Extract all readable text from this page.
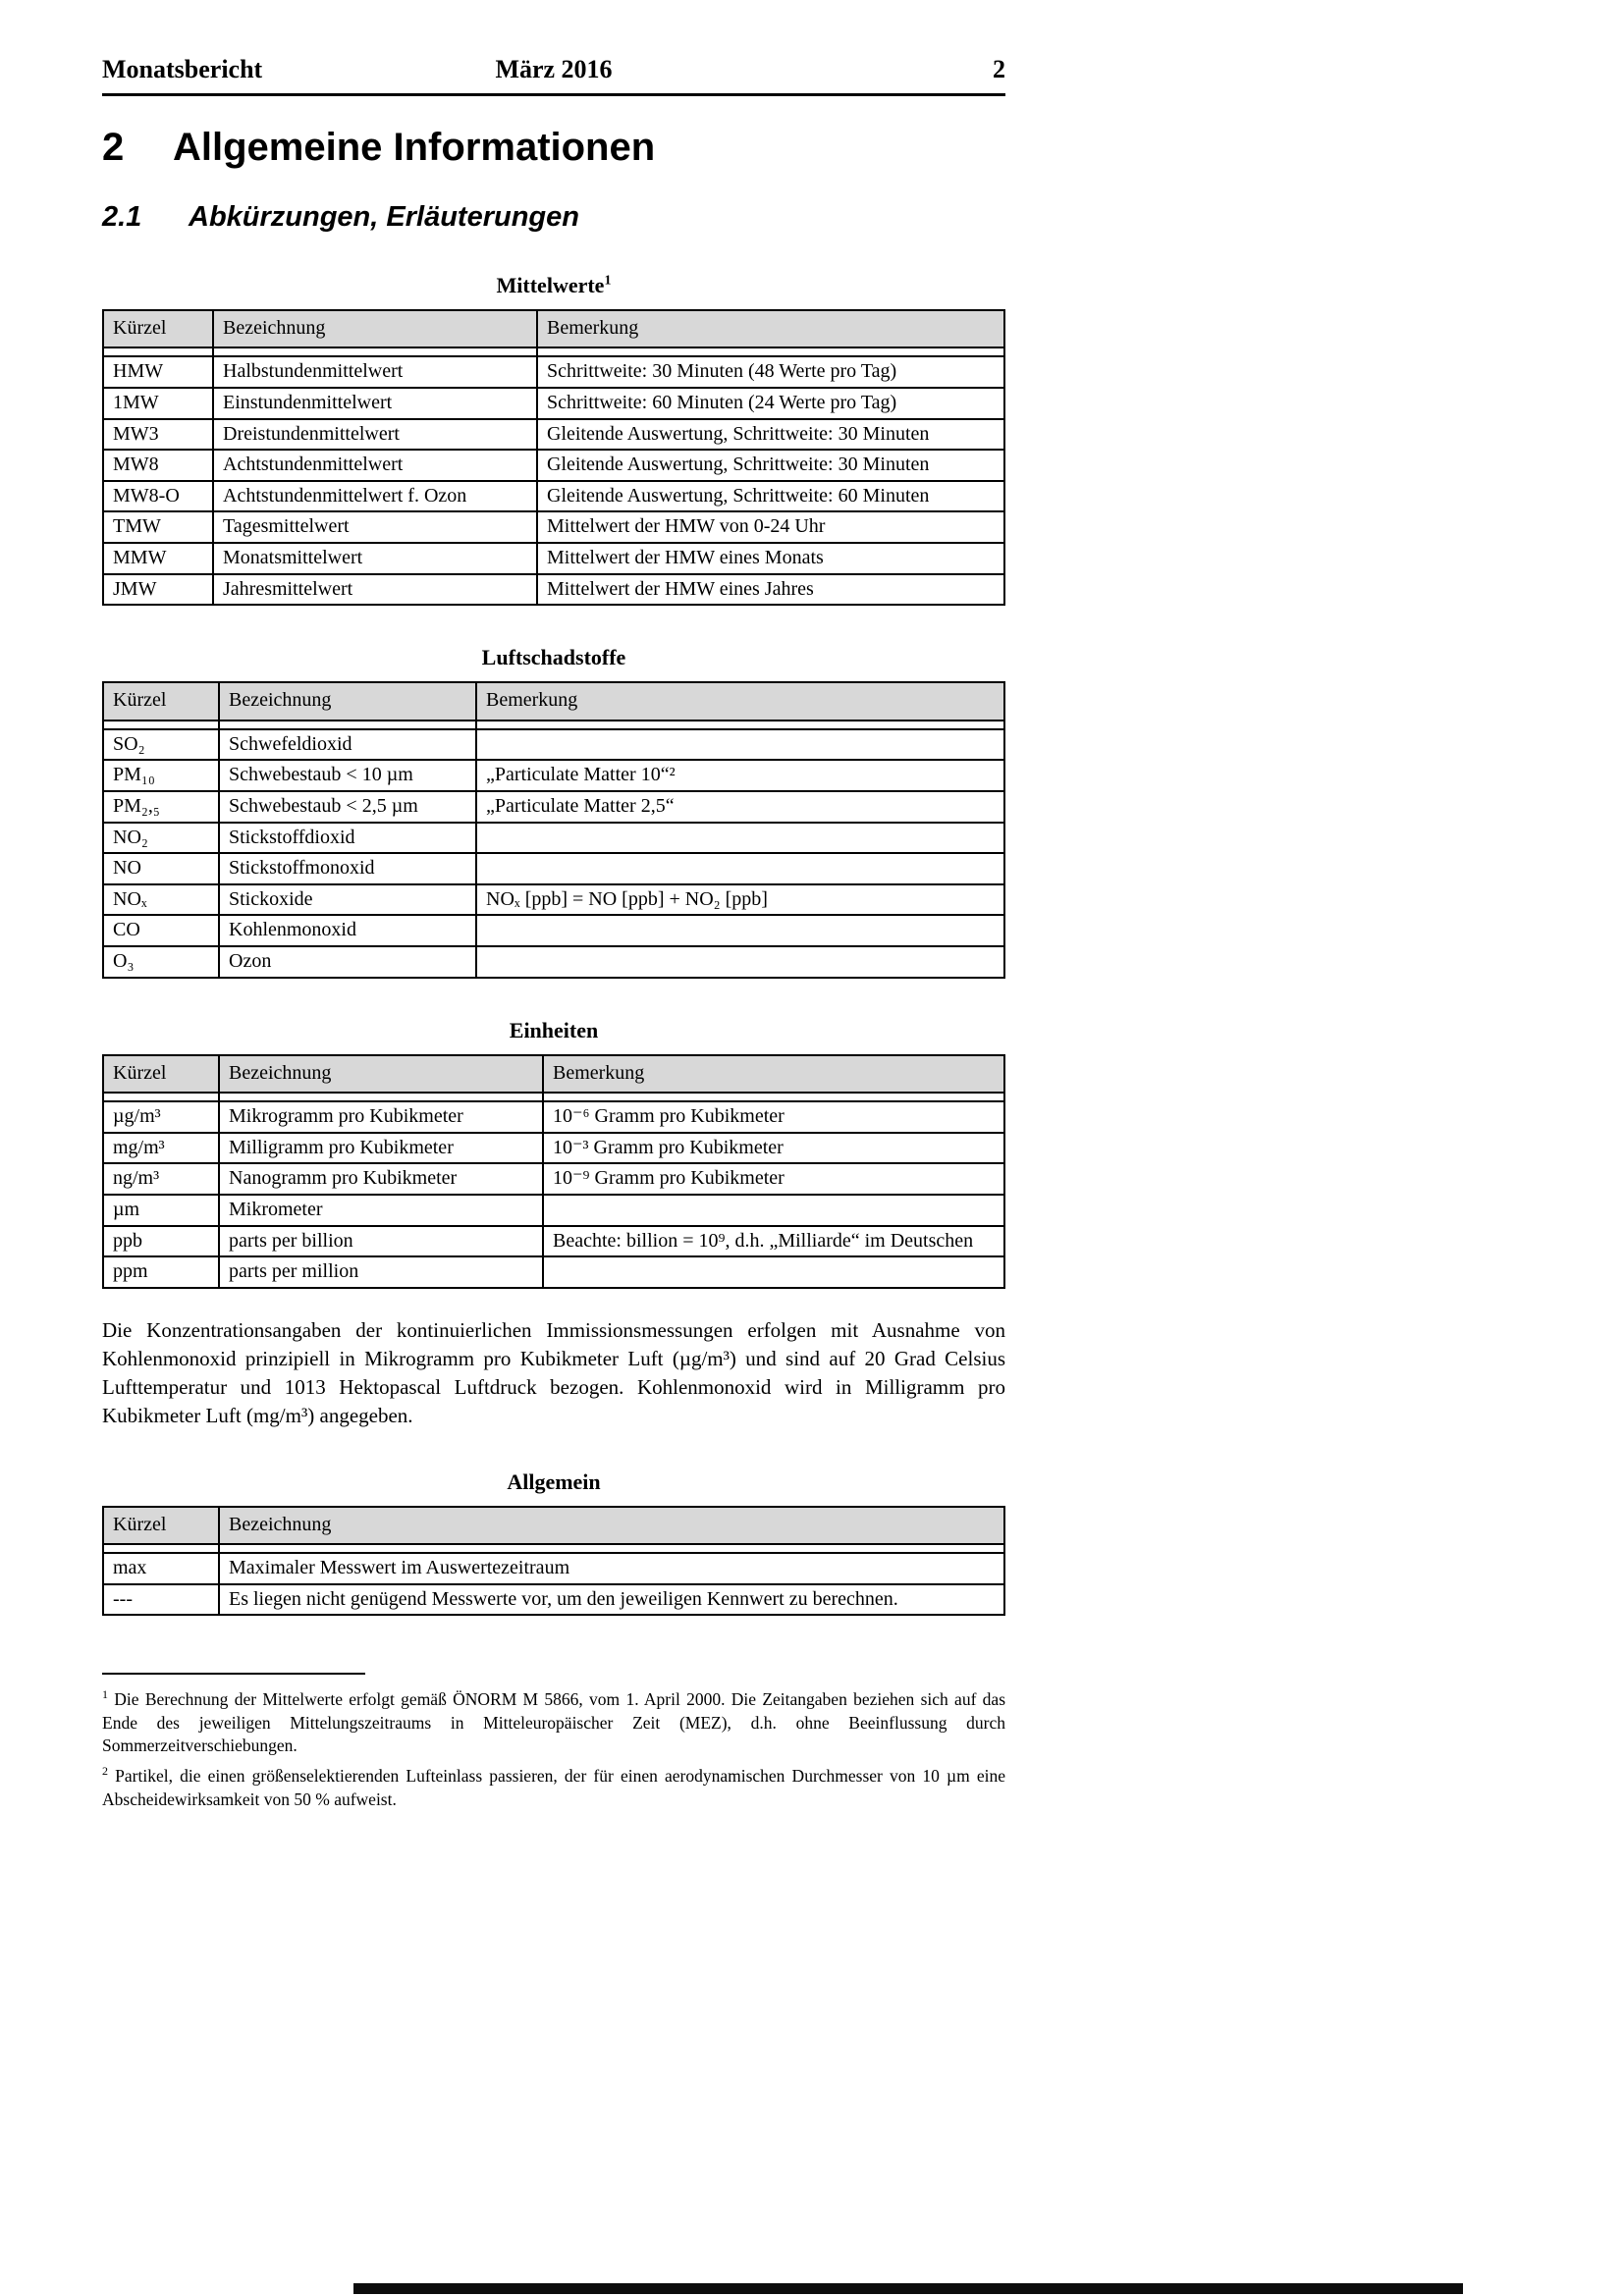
Monatsbericht	März 2016	2
2	Allgemeine Informationen
2.1	Abkürzungen, Erläuterungen
Mittelwerte$^1$
Kürzel	Bezeichnung	Bemerkung

HMW	Halbstundenmittelwert	Schrittweite: 30 Minuten (48 Werte pro Tag)
1MW	Einstundenmittelwert	Schrittweite: 60 Minuten (24 Werte pro Tag)
MW3	Dreistundenmittelwert	Gleitende Auswertung, Schrittweite: 30 Minuten
MW8	Achtstundenmittelwert	Gleitende Auswertung, Schrittweite: 30 Minuten
MW8-O	Achtstundenmittelwert f. Ozon	Gleitende Auswertung, Schrittweite: 60 Minuten
TMW	Tagesmittelwert	Mittelwert der HMW von 0-24 Uhr
MMW	Monatsmittelwert	Mittelwert der HMW eines Monats
JMW	Jahresmittelwert	Mittelwert der HMW eines Jahres
Luftschadstoffe
Kürzel	Bezeichnung	Bemerkung

SO₂	Schwefeldioxid	
PM₁₀	Schwebestaub < 10 µm	„Particulate Matter 10“²
PM₂,₅	Schwebestaub < 2,5 µm	„Particulate Matter 2,5“
NO₂	Stickstoffdioxid	
NO	Stickstoffmonoxid	
NOₓ	Stickoxide	NOₓ [ppb] = NO [ppb] + NO₂ [ppb]
CO	Kohlenmonoxid	
O₃	Ozon	
Einheiten
Kürzel	Bezeichnung	Bemerkung

µg/m³	Mikrogramm pro Kubikmeter	10⁻⁶ Gramm pro Kubikmeter
mg/m³	Milligramm pro Kubikmeter	10⁻³ Gramm pro Kubikmeter
ng/m³	Nanogramm pro Kubikmeter	10⁻⁹ Gramm pro Kubikmeter
µm	Mikrometer	
ppb	parts per billion	Beachte: billion = 10⁹, d.h. „Milliarde“ im Deutschen
ppm	parts per million	

Die Konzentrationsangaben der kontinuierlichen Immissionsmessungen erfolgen mit Ausnahme von Kohlenmonoxid prinzipiell in Mikrogramm pro Kubikmeter Luft (µg/m³) und sind auf 20 Grad Celsius Lufttemperatur und 1013 Hektopascal Luftdruck bezogen. Kohlenmonoxid wird in Milligramm pro Kubikmeter Luft (mg/m³) angegeben.

Allgemein
Kürzel	Bezeichnung

max	Maximaler Messwert im Auswertezeitraum
---	Es liegen nicht genügend Messwerte vor, um den jeweiligen Kennwert zu berechnen.

$^1$ Die Berechnung der Mittelwerte erfolgt gemäß ÖNORM M 5866, vom 1. April 2000. Die Zeitangaben beziehen sich auf das Ende des jeweiligen Mittelungszeitraums in Mitteleuropäischer Zeit (MEZ), d.h. ohne Beeinflussung durch Sommerzeitverschiebungen.

$^2$ Partikel, die einen größenselektierenden Lufteinlass passieren, der für einen aerodynamischen Durchmesser von 10 µm eine Abscheidewirksamkeit von 50 % aufweist.
